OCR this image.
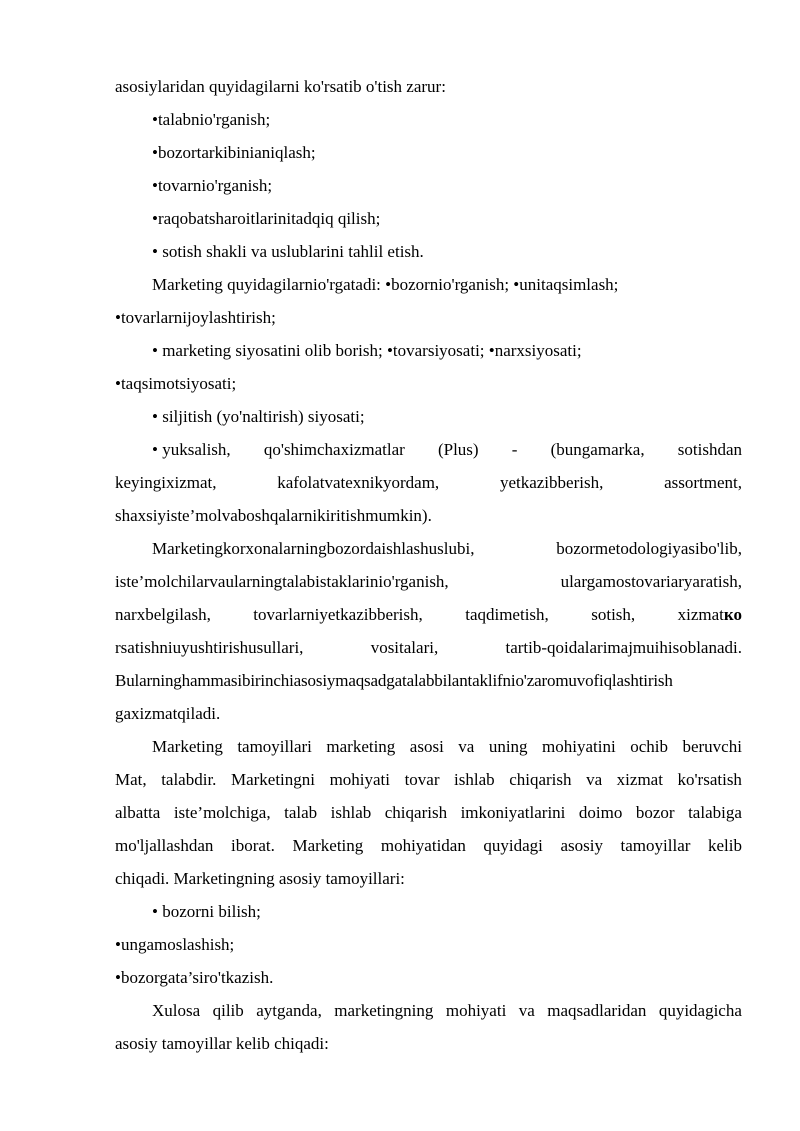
asosiylaridan quyidagilarni ko'rsatib o'tish zarur:
•talabnio'rganish;
•bozortarkibinianiqlash;
•tovarnio'rganish;
•raqobatsharoitlarinitadqiq qilish;
• sotish shakli va uslublarini tahlil etish.
Marketing quyidagilarnio'rgatadi: •bozornio'rganish; •unitaqsimlash;
•tovarlarnijoylashtirish;
• marketing siyosatini olib borish; •tovarsiyosati; •narxsiyosati;
•taqsimotsiyosati;
• siljitish (yo'naltirish) siyosati;
• yuksalish, qo'shimchaxizmatlar (Plus) - (bungamarka, sotishdan
keyingixizmat,	kafolatvatexnikyordam,	yetkazibberish,	assortment,
shaxsiyiste’molvaboshqalarnikiritishmumkin).
Marketingkorxonalarningbozordaishlashuslubi,	bozormetodologiyasibo'lib,
iste’molchilarvaularningtalabistaklarinio'rganish,	ulargamostovariaryaratish,
narxbelgilash, tovarlarniyetkazibberish, taqdimetish, sotish, xizmatко
rsatishniuyushtirishusullari,	vositalari,	tartib-qoidalarimajmuihisoblanadi.
Bularninghammasibirinchiasosiymaqsadgatalabbilantaklifnio'zaromuvofiqlashtirish
gaxizmatqiladi.
Marketing tamoyillari marketing asosi va uning mohiyatini ochib beruvchi
Mat, talabdir. Marketingni mohiyati tovar ishlab chiqarish va xizmat ko'rsatish
albatta iste’molchiga, talab ishlab chiqarish imkoniyatlarini doimo bozor talabiga
mo'ljallashdan iborat. Marketing mohiyatidan quyidagi asosiy tamoyillar kelib
chiqadi. Marketingning asosiy tamoyillari:
• bozorni bilish;
•ungamoslashish;
•bozorgata’siro'tkazish.
Xulosa qilib aytganda, marketingning mohiyati va maqsadlaridan quyidagicha
asosiy tamoyillar kelib chiqadi:
